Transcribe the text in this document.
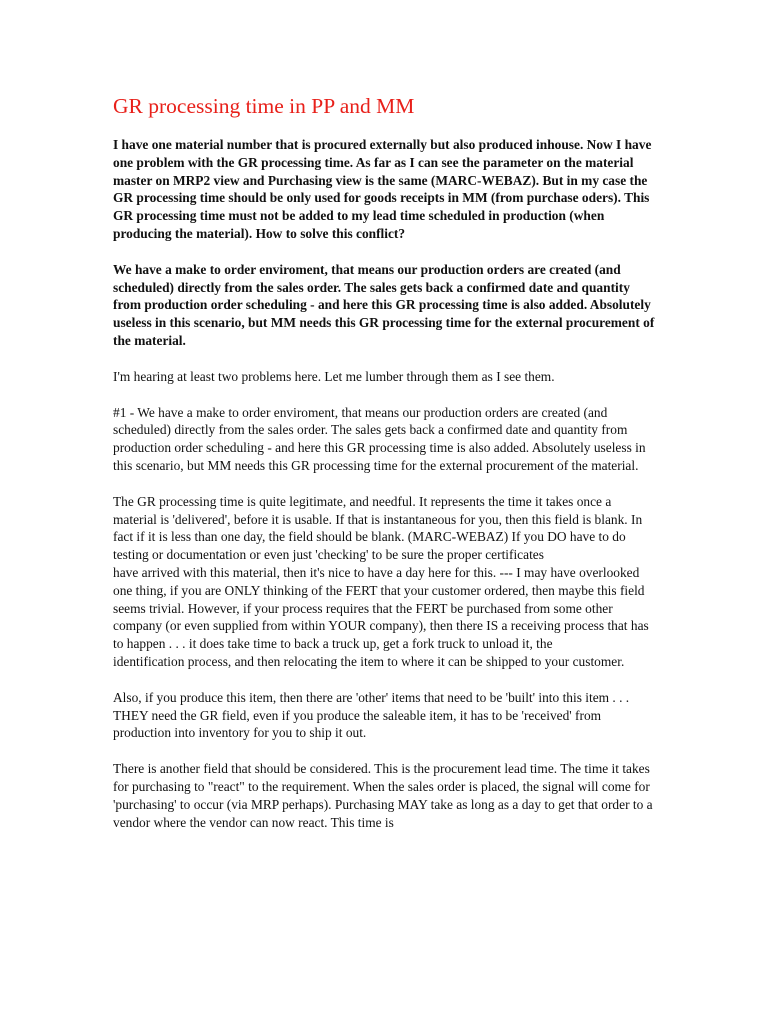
GR processing time in PP and MM

I have one material number that is procured externally but also produced inhouse. Now I have one problem with the GR processing time. As far as I can see the parameter on the material master on MRP2 view and Purchasing view is the same (MARC-WEBAZ). But in my case the GR processing time should be only used for goods receipts in MM (from purchase oders). This GR processing time must not be added to my lead time scheduled in production (when producing the material). How to solve this conflict?

We have a make to order enviroment, that means our production orders are created (and scheduled) directly from the sales order. The sales gets back a confirmed date and quantity from production order scheduling - and here this GR processing time is also added. Absolutely useless in this scenario, but MM needs this GR processing time for the external procurement of the material.

I'm hearing at least two problems here. Let me lumber through them as I see them.

#1 - We have a make to order enviroment, that means our production orders are created (and scheduled) directly from the sales order. The sales gets back a confirmed date and quantity from production order scheduling - and here this GR processing time is also added. Absolutely useless in this scenario, but MM needs this GR processing time for the external procurement of the material.

The GR processing time is quite legitimate, and needful. It represents the time it takes once a material is 'delivered', before it is usable. If that is instantaneous for you, then this field is blank. In fact if it is less than one day, the field should be blank. (MARC-WEBAZ) If you DO have to do testing or documentation or even just 'checking' to be sure the proper certificates

have arrived with this material, then it's nice to have a day here for this. --- I may have overlooked one thing, if you are ONLY thinking of the FERT that your customer ordered, then maybe this field seems trivial. However, if your process requires that the FERT be purchased from some other company (or even supplied from within YOUR company), then there IS a receiving process that has to happen . . . it does take time to back a truck up, get a fork truck to unload it, the

identification process, and then relocating the item to where it can be shipped to your customer.

Also, if you produce this item, then there are 'other' items that need to be 'built' into this item . . . THEY need the GR field, even if you produce the saleable item, it has to be 'received' from production into inventory for you to ship it out.

There is another field that should be considered. This is the procurement lead time. The time it takes for purchasing to "react" to the requirement. When the sales order is placed, the signal will come for 'purchasing' to occur (via MRP perhaps). Purchasing MAY take as long as a day to get that order to a vendor where the vendor can now react. This time is
